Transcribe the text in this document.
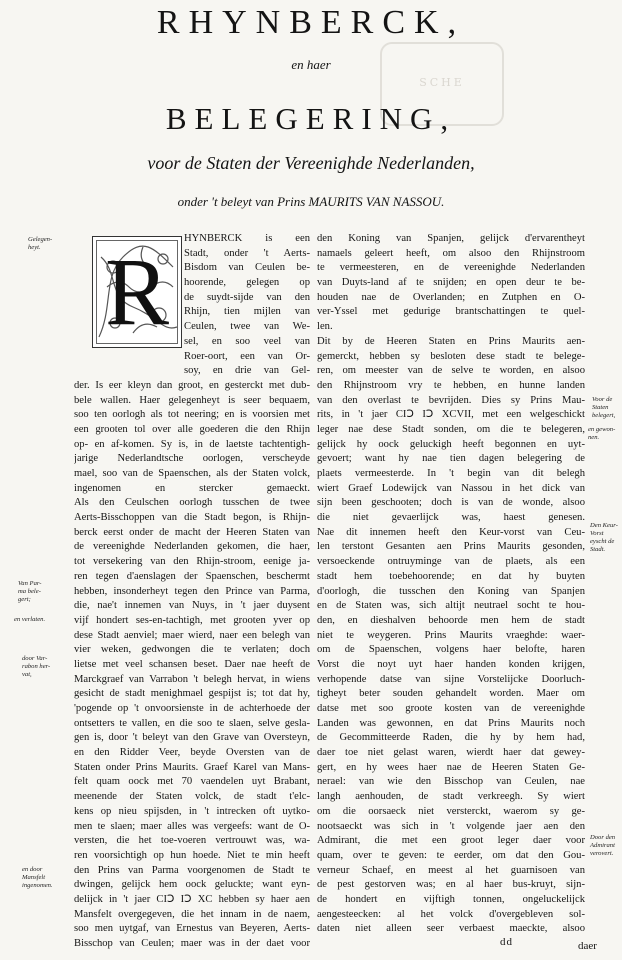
SCHE
RHYNBERCK,
en haer
BELEGERING,
voor de Staten der Vereenighde Nederlanden,
onder 't beleyt van Prins MAURITS VAN NASSOU.
R
Gelegen-
heyt.
Van Par-
ma bele-
gert;
en verlaten.
door Var-
rabon her-
vat,
en door
Mansfelt
ingenomen.
Voor de
Staten
belegert,
en gewon-
nen.
Den Keur-
Vorst
eyscht de
Stadt.
Door den
Admirant
verovert.
HYNBERCK is een
Stadt, onder 't Aerts-
Bisdom van Ceulen be-
hoorende, gelegen op
de suydt-sijde van den
Rhijn, tien mijlen van
Ceulen, twee van We-
sel, en soo veel van
Roer-oort, een van Or-
soy, en drie van Gel-
der. Is eer kleyn dan groot, en gesterckt met dub-
bele wallen. Haer gelegenheyt is seer bequaem,
soo ten oorlogh als tot neering; en is voorsien met
een grooten tol over alle goederen die den Rhijn
op- en af-komen. Sy is, in de laetste tachtentigh-
jarige Nederlandtsche oorlogen, verscheyde
mael, soo van de Spaenschen, als der Staten volck,
ingenomen en stercker gemaeckt.
Als den Ceulschen oorlogh tusschen de twee
Aerts-Bisschoppen van die Stadt begon, is Rhijn-
berck eerst onder de macht der Heeren Staten van
de vereenighde Nederlanden gekomen, die haer,
tot versekering van den Rhijn-stroom, eenige ja-
ren tegen d'aenslagen der Spaenschen, beschermt
hebben, insonderheyt tegen den Prince van Parma,
die, nae't innemen van Nuys, in 't jaer duysent
vijf hondert ses-en-tachtigh, met grooten yver op
dese Stadt aenviel; maer wierd, naer een belegh van
vier weken, gedwongen die te verlaten; doch
lietse met veel schansen beset. Daer nae heeft de
Marckgraef van Varrabon 't belegh hervat, in wiens
gesicht de stadt menighmael gespijst is; tot dat hy,
'pogende op 't onvoorsienste in de achterhoede der
ontsetters te vallen, en die soo te slaen, selve gesla-
gen is, door 't beleyt van den Grave van Oversteyn,
en den Ridder Veer, beyde Oversten van de
Staten onder Prins Maurits. Graef Karel van Mans-
felt quam oock met 70 vaendelen uyt Brabant,
meenende der Staten volck, de stadt t'elc-
kens op nieu spijsden, in 't intrecken oft uytko-
men te slaen; maer alles was vergeefs: want de O-
versten, die het toe-voeren vertrouwt was, wa-
ren voorsichtigh op hun hoede. Niet te min heeft
den Prins van Parma voorgenomen de Stadt te
dwingen, gelijck hem oock geluckte; want eyn-
delijck in 't jaer CIↃ IↃ XC hebben sy haer aen
Mansfelt overgegeven, die het innam in de naem,
soo men uytgaf, van Ernestus van Beyeren, Aerts-
Bisschop van Ceulen; maer was in der daet voor
den Koning van Spanjen, gelijck d'ervarentheyt
namaels geleert heeft, om alsoo den Rhijnstroom
te vermeesteren, en de vereenighde Nederlanden
van Duyts-land af te snijden; en open deur te be-
houden nae de Overlanden; en Zutphen en O-
ver-Yssel met gedurige brantschattingen te quel-
len.
Dit by de Heeren Staten en Prins Maurits aen-
gemerckt, hebben sy besloten dese stadt te belege-
ren, om meester van de selve te worden, en alsoo
den Rhijnstroom vry te hebben, en hunne landen
van den overlast te bevrijden. Dies sy Prins Mau-
rits, in 't jaer CIↃ IↃ XCVII, met een welgeschickt
leger nae dese Stadt sonden, om die te belegeren,
gelijck hy oock geluckigh heeft begonnen en uyt-
gevoert; want hy nae tien dagen belegering de
plaets vermeesterde. In 't begin van dit belegh
wiert Graef Lodewijck van Nassou in het dick van
sijn been geschooten; doch is van de wonde, alsoo
die niet gevaerlijck was, haest genesen.
Nae dit innemen heeft den Keur-vorst van Ceu-
len terstont Gesanten aen Prins Maurits gesonden,
versoeckende ontruyminge van de plaets, als een
stadt hem toebehoorende; en dat hy buyten
d'oorlogh, die tusschen den Koning van Spanjen
en de Staten was, sich altijt neutrael socht te hou-
den, en dieshalven behoorde men hem de stadt
niet te weygeren. Prins Maurits vraeghde: waer-
om de Spaenschen, volgens haer belofte, haren
Vorst die noyt uyt haer handen konden krijgen,
verhopende datse van sijne Vorstelijcke Doorluch-
tigheyt beter souden gehandelt worden. Maer om
datse met soo groote kosten van de vereenighde
Landen was gewonnen, en dat Prins Maurits noch
de Gecommitteerde Raden, die hy by hem had,
daer toe niet gelast waren, wierdt haer dat gewey-
gert, en hy wees haer nae de Heeren Staten Ge-
nerael: van wie den Bisschop van Ceulen, nae
langh aenhouden, de stadt verkreegh. Sy wiert
om die oorsaeck niet versterckt, waerom sy ge-
nootsaeckt was sich in 't volgende jaer aen den
Admirant, die met een groot leger daer voor
quam, over te geven: te eerder, om dat den Gou-
verneur Schaef, en meest al het guarnisoen van
de pest gestorven was; en al haer bus-kruyt, sijn-
de hondert en vijftigh tonnen, ongeluckelijck
aengesteecken: al het volck d'overgebleven sol-
daten niet alleen seer verbaest maeckte, alsoo
dd	daer
